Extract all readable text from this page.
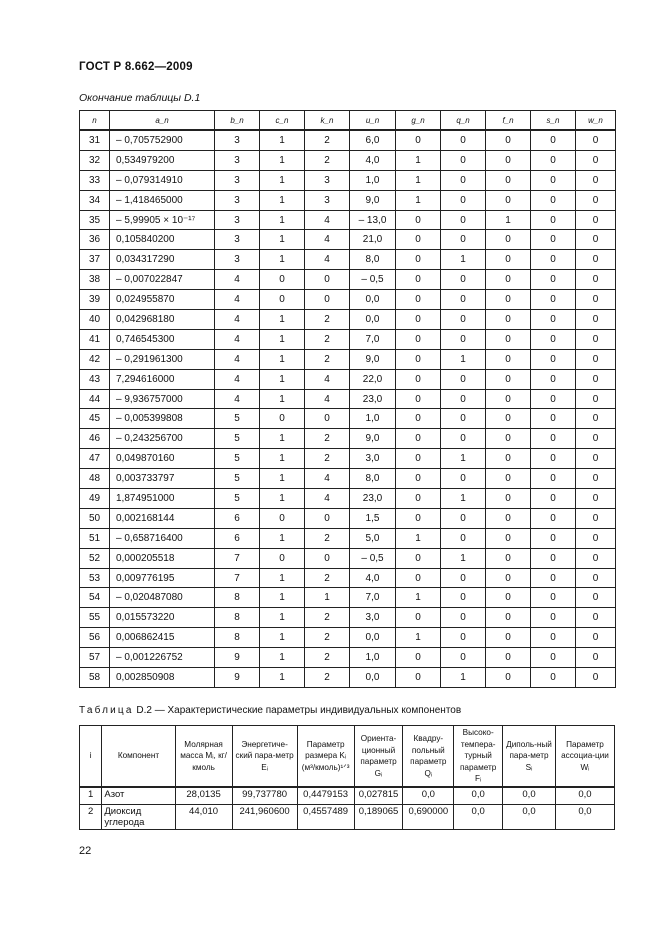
ГОСТ Р 8.662—2009
Окончание таблицы D.1
n	a_n	b_n	c_n	k_n	u_n	g_n	q_n	f_n	s_n	w_n
31	– 0,705752900	3	1	2	6,0	0	0	0	0	0
32	0,534979200	3	1	2	4,0	1	0	0	0	0
33	– 0,079314910	3	1	3	1,0	1	0	0	0	0
34	– 1,418465000	3	1	3	9,0	1	0	0	0	0
35	– 5,99905 × 10⁻¹⁷	3	1	4	– 13,0	0	0	1	0	0
36	0,105840200	3	1	4	21,0	0	0	0	0	0
37	0,034317290	3	1	4	8,0	0	1	0	0	0
38	– 0,007022847	4	0	0	– 0,5	0	0	0	0	0
39	0,024955870	4	0	0	0,0	0	0	0	0	0
40	0,042968180	4	1	2	0,0	0	0	0	0	0
41	0,746545300	4	1	2	7,0	0	0	0	0	0
42	– 0,291961300	4	1	2	9,0	0	1	0	0	0
43	7,294616000	4	1	4	22,0	0	0	0	0	0
44	– 9,936757000	4	1	4	23,0	0	0	0	0	0
45	– 0,005399808	5	0	0	1,0	0	0	0	0	0
46	– 0,243256700	5	1	2	9,0	0	0	0	0	0
47	0,049870160	5	1	2	3,0	0	1	0	0	0
48	0,003733797	5	1	4	8,0	0	0	0	0	0
49	1,874951000	5	1	4	23,0	0	1	0	0	0
50	0,002168144	6	0	0	1,5	0	0	0	0	0
51	– 0,658716400	6	1	2	5,0	1	0	0	0	0
52	0,000205518	7	0	0	– 0,5	0	1	0	0	0
53	0,009776195	7	1	2	4,0	0	0	0	0	0
54	– 0,020487080	8	1	1	7,0	1	0	0	0	0
55	0,015573220	8	1	2	3,0	0	0	0	0	0
56	0,006862415	8	1	2	0,0	1	0	0	0	0
57	– 0,001226752	9	1	2	1,0	0	0	0	0	0
58	0,002850908	9	1	2	0,0	0	1	0	0	0
Таблица D.2 — Характеристические параметры индивидуальных компонентов
i	Компонент	Молярная масса Mᵢ, кг/кмоль	Энергетиче-ский пара-метр Eᵢ	Параметр размера Kᵢ (м³/кмоль)¹ᐟ³	Ориента-ционный параметр Gᵢ	Квадру-польный параметр Qᵢ	Высоко-темпера-турный параметр Fᵢ	Диполь-ный пара-метр Sᵢ	Параметр ассоциа-ции Wᵢ
1	Азот	28,0135	99,737780	0,4479153	0,027815	0,0	0,0	0,0	0,0
2	Диоксид углерода	44,010	241,960600	0,4557489	0,189065	0,690000	0,0	0,0	0,0
22
